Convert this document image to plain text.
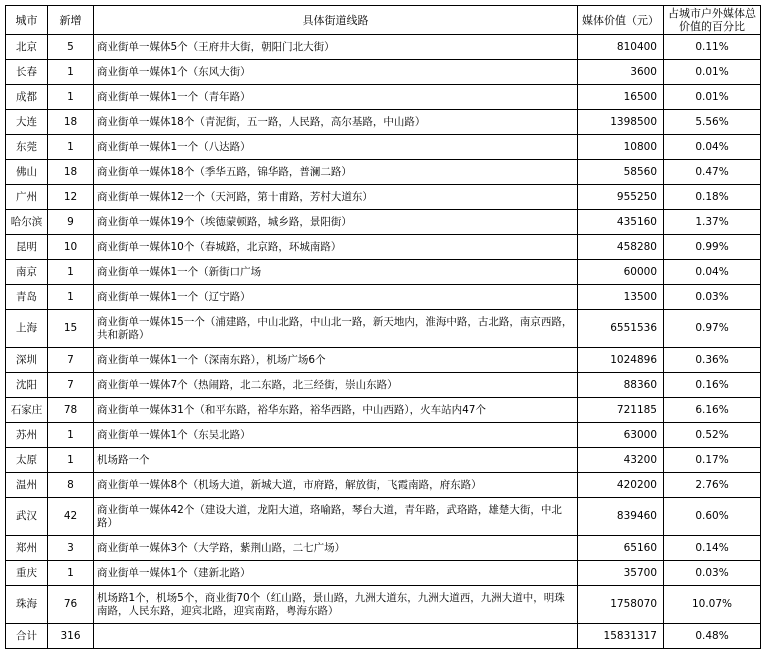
城市	新增	具体街道线路	媒体价值（元）	占城市户外媒体总价值的百分比
北京	5	商业街单一媒体5个（王府井大街，朝阳门北大街）	810400	0.11%
长春	1	商业街单一媒体1个（东风大街）	3600	0.01%
成都	1	商业街单一媒体1一个（青年路）	16500	0.01%
大连	18	商业街单一媒体18个（青泥街，五一路，人民路，高尔基路，中山路）	1398500	5.56%
东莞	1	商业街单一媒体1一个（八达路）	10800	0.04%
佛山	18	商业街单一媒体18个（季华五路，锦华路，普澜二路）	58560	0.47%
广州	12	商业街单一媒体12一个（天河路，第十甫路，芳村大道东）	955250	0.18%
哈尔滨	9	商业街单一媒体19个（埃德蒙顿路，城乡路，景阳街）	435160	1.37%
昆明	10	商业街单一媒体10个（春城路，北京路，环城南路）	458280	0.99%
南京	1	商业街单一媒体1一个（新街口广场	60000	0.04%
青岛	1	商业街单一媒体1一个（辽宁路）	13500	0.03%
上海	15	商业街单一媒体15一个（浦建路，中山北路，中山北一路，新天地内，淮海中路，古北路，南京西路，共和新路）	6551536	0.97%
深圳	7	商业街单一媒体1一个（深南东路），机场广场6个	1024896	0.36%
沈阳	7	商业街单一媒体7个（热闹路，北二东路，北三经街，崇山东路）	88360	0.16%
石家庄	78	商业街单一媒体31个（和平东路，裕华东路，裕华西路，中山西路），火车站内47个	721185	6.16%
苏州	1	商业街单一媒体1个（东吴北路）	63000	0.52%
太原	1	机场路一个	43200	0.17%
温州	8	商业街单一媒体8个（机场大道，新城大道，市府路，解放街，飞霞南路，府东路）	420200	2.76%
武汉	42	商业街单一媒体42个（建设大道，龙阳大道，珞喻路，琴台大道，青年路，武珞路，雄楚大街，中北路）	839460	0.60%
郑州	3	商业街单一媒体3个（大学路，紫荆山路，二七广场）	65160	0.14%
重庆	1	商业街单一媒体1个（建新北路）	35700	0.03%
珠海	76	机场路1个，机场5个，商业街70个（红山路，景山路，九洲大道东，九洲大道西，九洲大道中，明珠南路，人民东路，迎宾北路，迎宾南路，粤海东路）	1758070	10.07%
合计	316		15831317	0.48%
